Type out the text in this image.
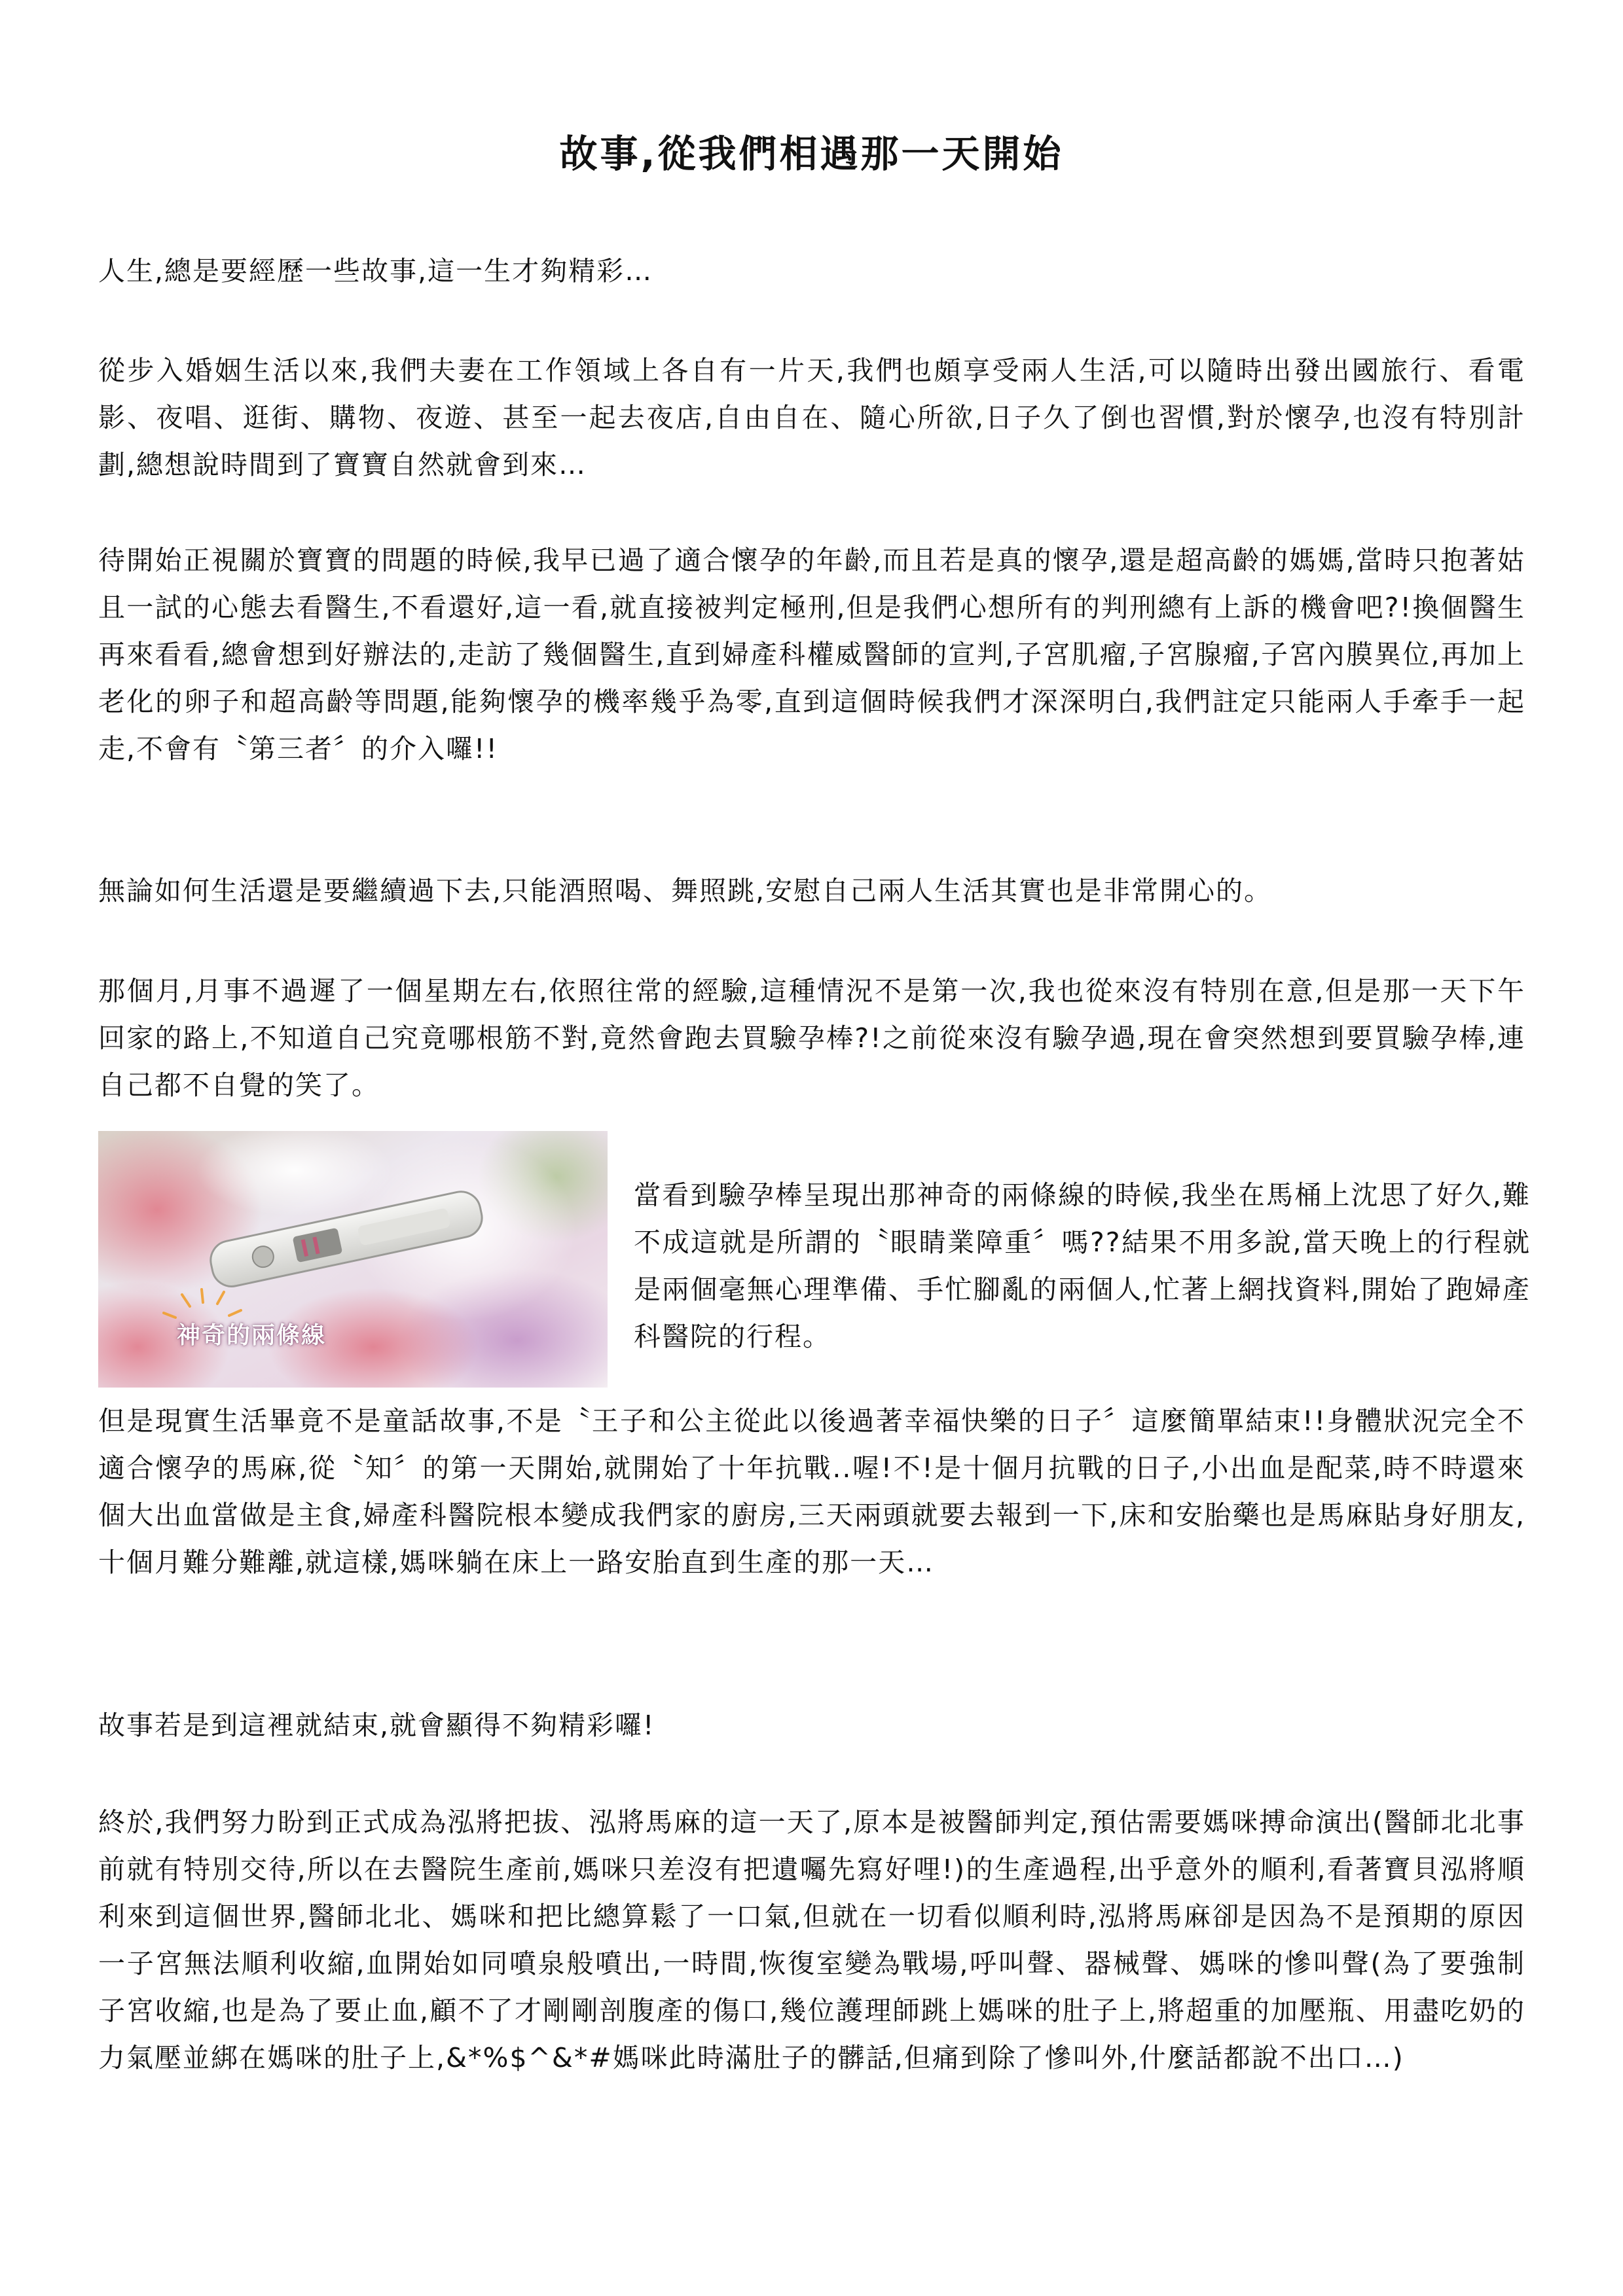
故事,從我們相遇那一天開始

人生,總是要經歷一些故事,這一生才夠精彩…

從步入婚姻生活以來,我們夫妻在工作領域上各自有一片天,我們也頗享受兩人生活,可以隨時出發出國旅行、看電影、夜唱、逛街、購物、夜遊、甚至一起去夜店,自由自在、隨心所欲,日子久了倒也習慣,對於懷孕,也沒有特別計劃,總想說時間到了寶寶自然就會到來…

待開始正視關於寶寶的問題的時候,我早已過了適合懷孕的年齡,而且若是真的懷孕,還是超高齡的媽媽,當時只抱著姑且一試的心態去看醫生,不看還好,這一看,就直接被判定極刑,但是我們心想所有的判刑總有上訴的機會吧?!換個醫生再來看看,總會想到好辦法的,走訪了幾個醫生,直到婦產科權威醫師的宣判,子宮肌瘤,子宮腺瘤,子宮內膜異位,再加上老化的卵子和超高齡等問題,能夠懷孕的機率幾乎為零,直到這個時候我們才深深明白,我們註定只能兩人手牽手一起走,不會有〝第三者〞的介入囉!!

無論如何生活還是要繼續過下去,只能酒照喝、舞照跳,安慰自己兩人生活其實也是非常開心的。

那個月,月事不過遲了一個星期左右,依照往常的經驗,這種情況不是第一次,我也從來沒有特別在意,但是那一天下午回家的路上,不知道自己究竟哪根筋不對,竟然會跑去買驗孕棒?!之前從來沒有驗孕過,現在會突然想到要買驗孕棒,連自己都不自覺的笑了。

神奇的兩條線

當看到驗孕棒呈現出那神奇的兩條線的時候,我坐在馬桶上沈思了好久,難不成這就是所謂的〝眼睛業障重〞嗎??結果不用多說,當天晚上的行程就是兩個毫無心理準備、手忙腳亂的兩個人,忙著上網找資料,開始了跑婦產科醫院的行程。

但是現實生活畢竟不是童話故事,不是〝王子和公主從此以後過著幸福快樂的日子〞這麼簡單結束!!身體狀況完全不適合懷孕的馬麻,從〝知〞的第一天開始,就開始了十年抗戰..喔!不!是十個月抗戰的日子,小出血是配菜,時不時還來個大出血當做是主食,婦產科醫院根本變成我們家的廚房,三天兩頭就要去報到一下,床和安胎藥也是馬麻貼身好朋友,十個月難分難離,就這樣,媽咪躺在床上一路安胎直到生產的那一天…

故事若是到這裡就結束,就會顯得不夠精彩囉!

終於,我們努力盼到正式成為泓將把拔、泓將馬麻的這一天了,原本是被醫師判定,預估需要媽咪搏命演出(醫師北北事前就有特別交待,所以在去醫院生產前,媽咪只差沒有把遺囑先寫好哩!)的生產過程,出乎意外的順利,看著寶貝泓將順利來到這個世界,醫師北北、媽咪和把比總算鬆了一口氣,但就在一切看似順利時,泓將馬麻卻是因為不是預期的原因一子宮無法順利收縮,血開始如同噴泉般噴出,一時間,恢復室變為戰場,呼叫聲、器械聲、媽咪的慘叫聲(為了要強制子宮收縮,也是為了要止血,顧不了才剛剛剖腹產的傷口,幾位護理師跳上媽咪的肚子上,將超重的加壓瓶、用盡吃奶的力氣壓並綁在媽咪的肚子上,&*%$^&*#媽咪此時滿肚子的髒話,但痛到除了慘叫外,什麼話都說不出口…)
